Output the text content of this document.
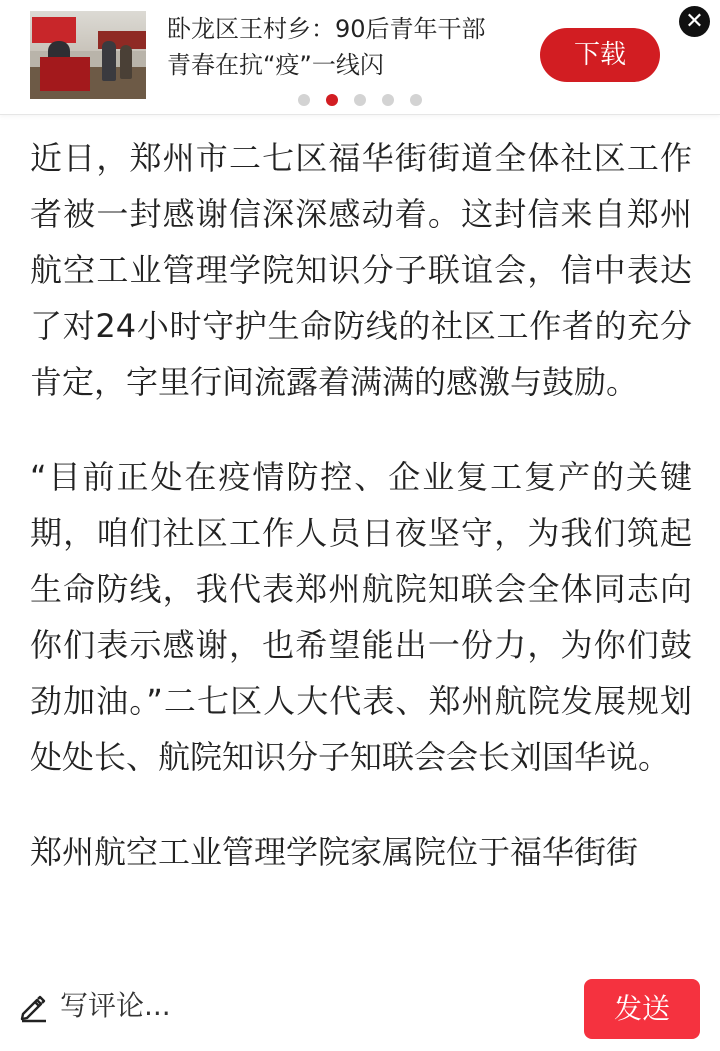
卧龙区王村乡：90后青年干部 青春在抗“疫”一线闪	下载
✕

近日，郑州市二七区福华街街道全体社区工作者被一封感谢信深深感动着。这封信来自郑州航空工业管理学院知识分子联谊会，信中表达了对24小时守护生命防线的社区工作者的充分肯定，字里行间流露着满满的感激与鼓励。

“目前正处在疫情防控、企业复工复产的关键期，咱们社区工作人员日夜坚守，为我们筑起生命防线，我代表郑州航院知联会全体同志向你们表示感谢，也希望能出一份力，为你们鼓劲加油。”二七区人大代表、郑州航院发展规划处处长、航院知识分子知联会会长刘国华说。

郑州航空工业管理学院家属院位于福华街街

写评论...	发送
